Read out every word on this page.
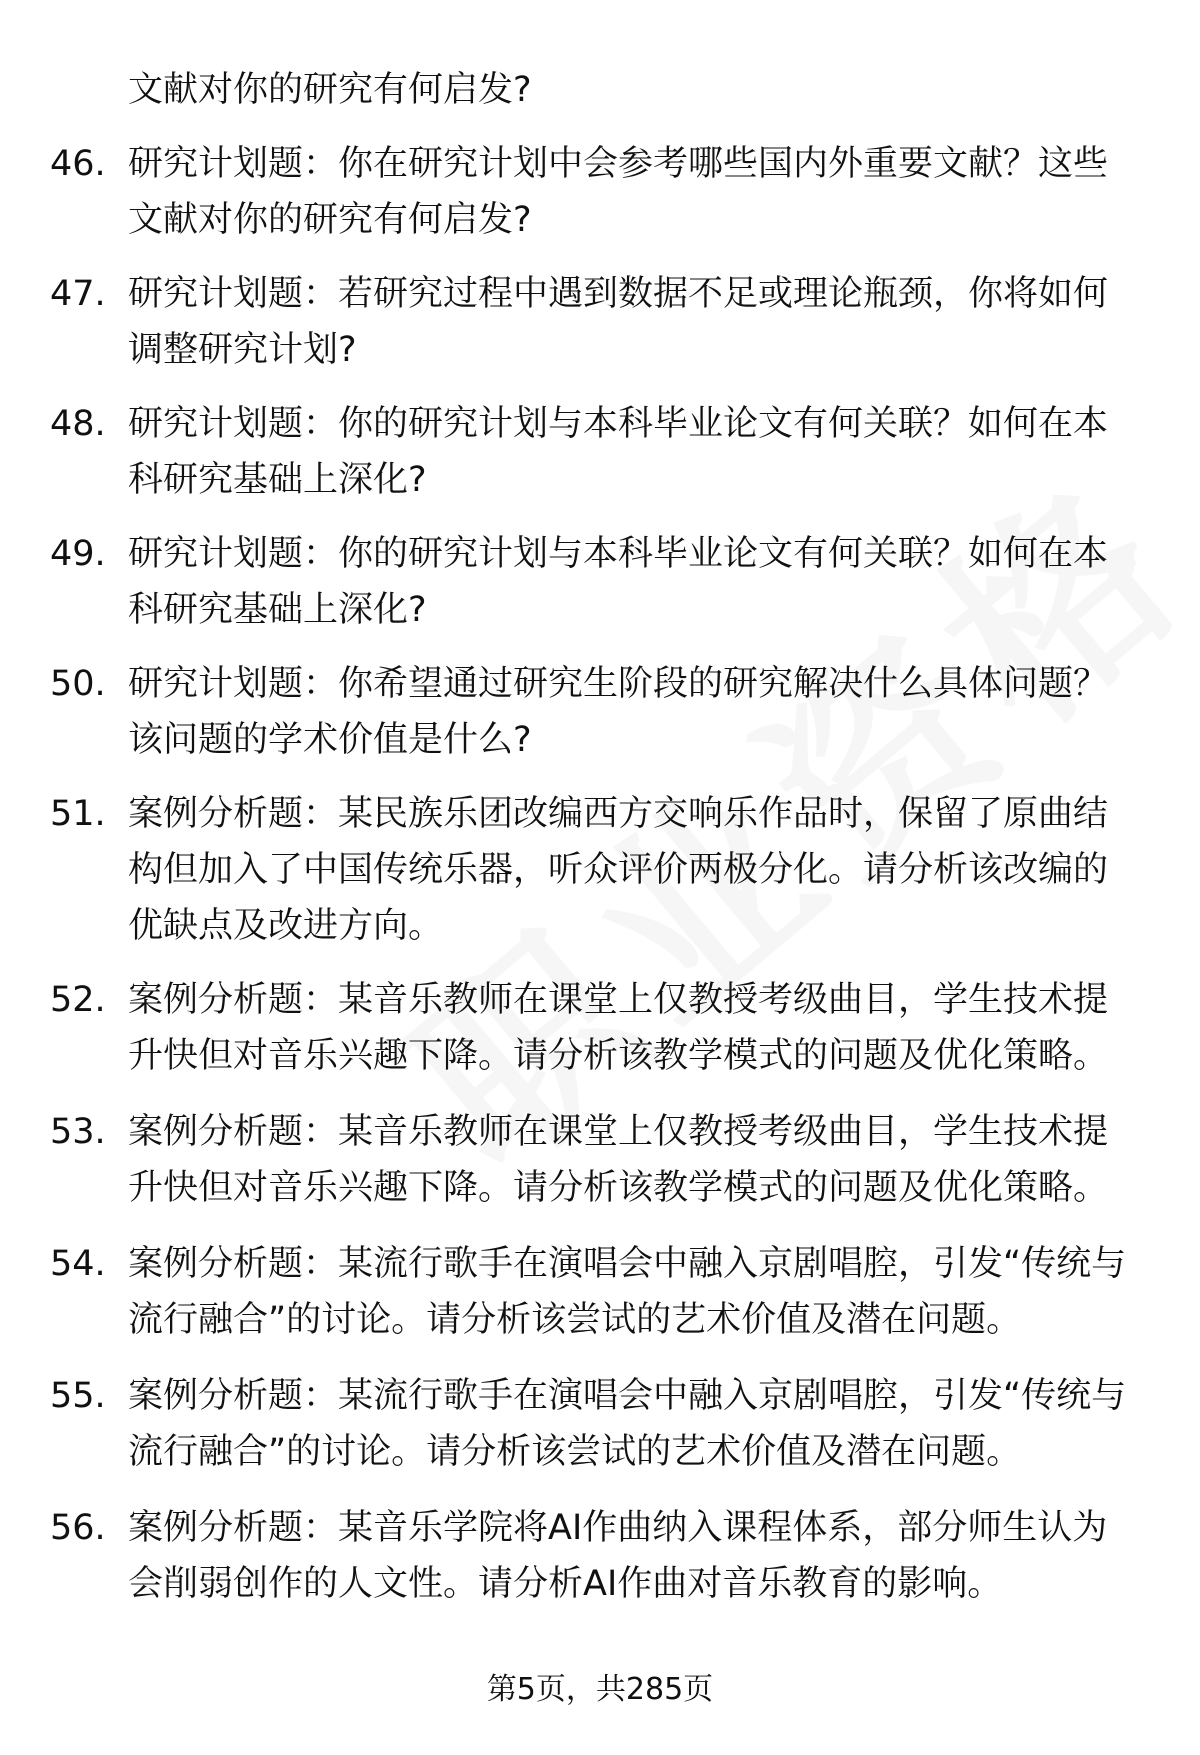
文献对你的研究有何启发?
46. 研究计划题：你在研究计划中会参考哪些国内外重要文献？这些文献对你的研究有何启发?
47. 研究计划题：若研究过程中遇到数据不足或理论瓶颈，你将如何调整研究计划?
48. 研究计划题：你的研究计划与本科毕业论文有何关联？如何在本科研究基础上深化?
49. 研究计划题：你的研究计划与本科毕业论文有何关联？如何在本科研究基础上深化?
50. 研究计划题：你希望通过研究生阶段的研究解决什么具体问题？该问题的学术价值是什么?
51. 案例分析题：某民族乐团改编西方交响乐作品时，保留了原曲结构但加入了中国传统乐器，听众评价两极分化。请分析该改编的优缺点及改进方向。
52. 案例分析题：某音乐教师在课堂上仅教授考级曲目，学生技术提升快但对音乐兴趣下降。请分析该教学模式的问题及优化策略。
53. 案例分析题：某音乐教师在课堂上仅教授考级曲目，学生技术提升快但对音乐兴趣下降。请分析该教学模式的问题及优化策略。
54. 案例分析题：某流行歌手在演唱会中融入京剧唱腔，引发“传统与流行融合”的讨论。请分析该尝试的艺术价值及潜在问题。
55. 案例分析题：某流行歌手在演唱会中融入京剧唱腔，引发“传统与流行融合”的讨论。请分析该尝试的艺术价值及潜在问题。
56. 案例分析题：某音乐学院将AI作曲纳入课程体系，部分师生认为会削弱创作的人文性。请分析AI作曲对音乐教育的影响。
第5页，共285页
